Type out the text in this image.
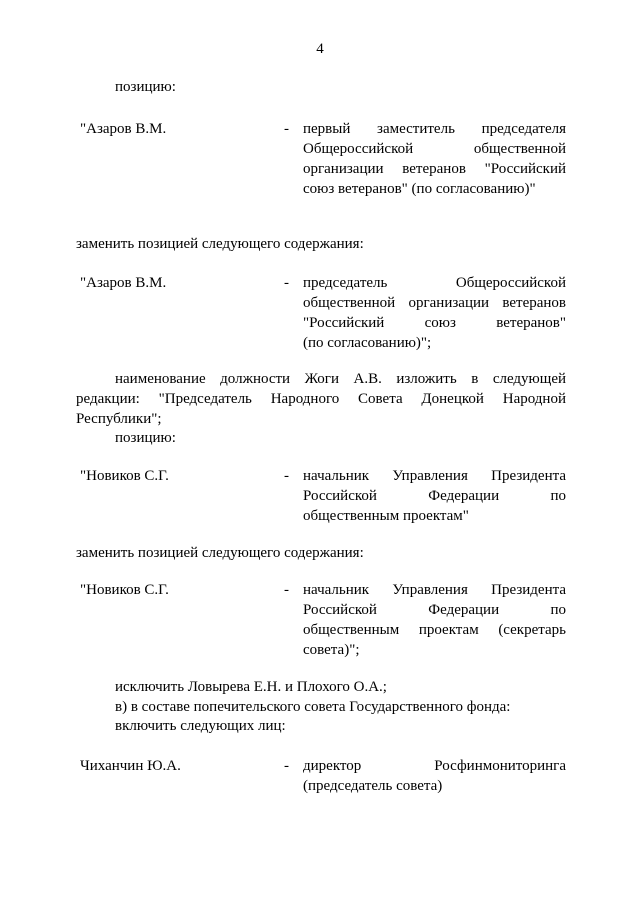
4
позицию:
"Азаров В.М.	- первый заместитель председателя
Общероссийской общественной
организации ветеранов "Российский
союз ветеранов" (по согласованию)"
заменить позицией следующего содержания:
"Азаров В.М.	- председатель Общероссийской
общественной организации ветеранов
"Российский союз ветеранов"
(по согласованию)";
наименование должности Жоги А.В. изложить в следующей
редакции: "Председатель Народного Совета Донецкой Народной
Республики";
позицию:
"Новиков С.Г.	- начальник Управления Президента
Российской Федерации по
общественным проектам"
заменить позицией следующего содержания:
"Новиков С.Г.	- начальник Управления Президента
Российской Федерации по
общественным проектам (секретарь
совета)";
исключить Ловырева Е.Н. и Плохого О.А.;
в) в составе попечительского совета Государственного фонда:
включить следующих лиц:
Чиханчин Ю.А.	- директор Росфинмониторинга
(председатель совета)
